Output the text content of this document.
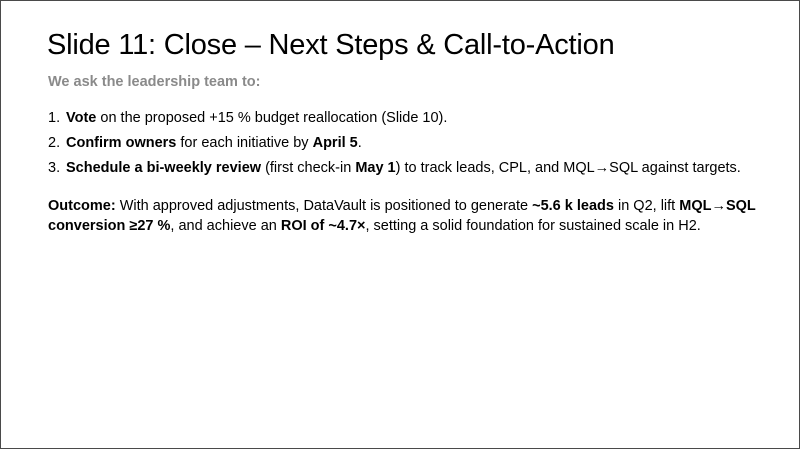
Slide 11: Close – Next Steps & Call-to-Action

We ask the leadership team to:

1. Vote on the proposed +15 % budget reallocation (Slide 10).
2. Confirm owners for each initiative by April 5.
3. Schedule a bi-weekly review (first check-in May 1) to track leads, CPL, and MQL→SQL against targets.

Outcome: With approved adjustments, DataVault is positioned to generate ~5.6 k leads in Q2, lift MQL→SQL conversion ≥27 %, and achieve an ROI of ~4.7×, setting a solid foundation for sustained scale in H2.
